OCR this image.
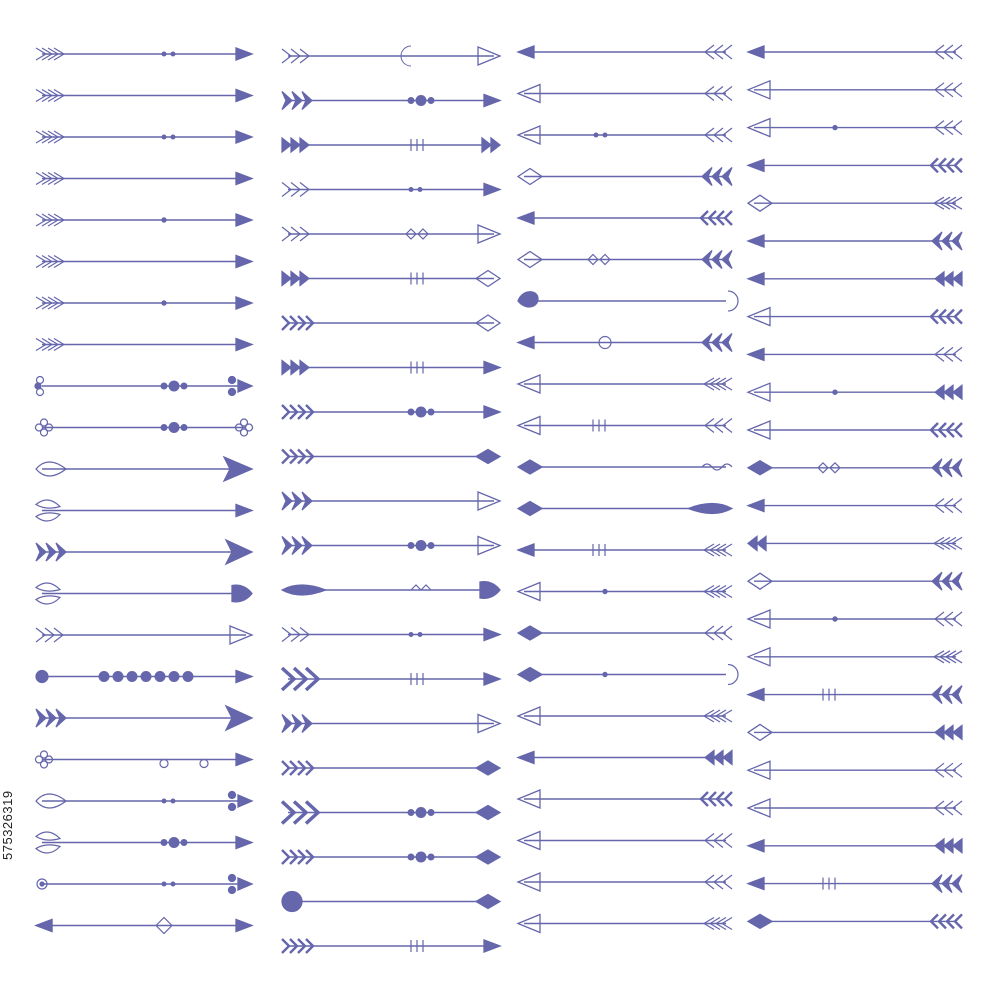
575326319
